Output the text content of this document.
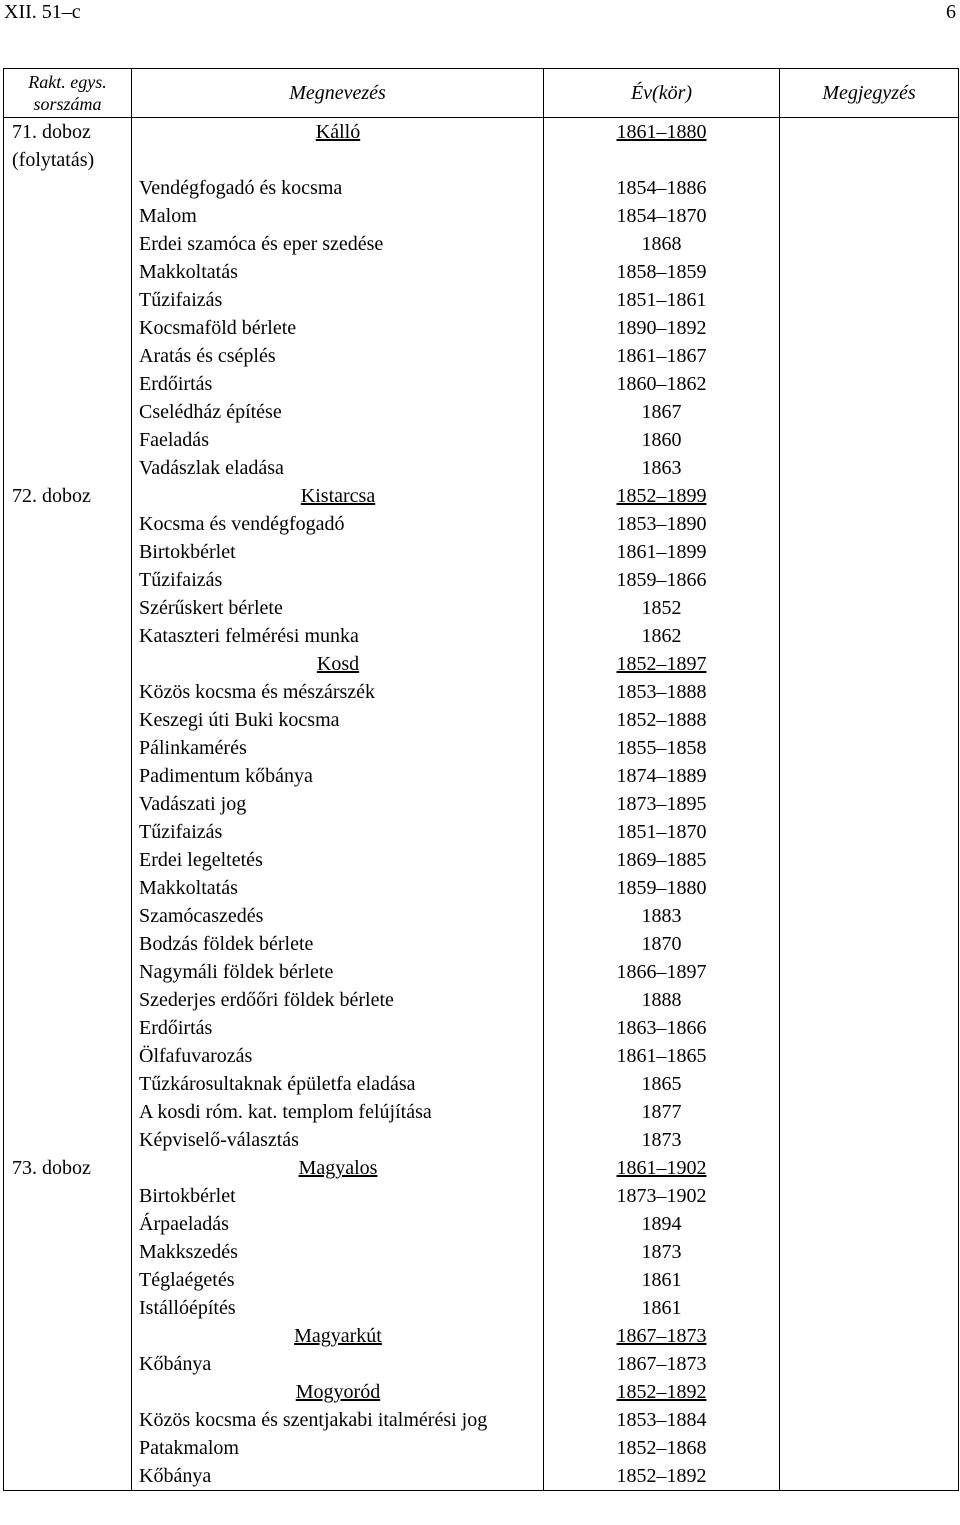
XII. 51–c	6
Rakt. egys. sorszáma	Megnevezés	Év(kör)	Megjegyzés
71. doboz (folytatás)	Kálló	1861–1880	
	Vendégfogadó és kocsma	1854–1886	
	Malom	1854–1870	
	Erdei szamóca és eper szedése	1868	
	Makkoltatás	1858–1859	
	Tűzifaizás	1851–1861	
	Kocsmaföld bérlete	1890–1892	
	Aratás és cséplés	1861–1867	
	Erdőirtás	1860–1862	
	Cselédház építése	1867	
	Faeladás	1860	
	Vadászlak eladása	1863	
72. doboz	Kistarcsa	1852–1899	
	Kocsma és vendégfogadó	1853–1890	
	Birtokbérlet	1861–1899	
	Tűzifaizás	1859–1866	
	Szérűskert bérlete	1852	
	Kataszteri felmérési munka	1862	
	Kosd	1852–1897	
	Közös kocsma és mészárszék	1853–1888	
	Keszegi úti Buki kocsma	1852–1888	
	Pálinkamérés	1855–1858	
	Padimentum kőbánya	1874–1889	
	Vadászati jog	1873–1895	
	Tűzifaizás	1851–1870	
	Erdei legeltetés	1869–1885	
	Makkoltatás	1859–1880	
	Szamócaszedés	1883	
	Bodzás földek bérlete	1870	
	Nagymáli földek bérlete	1866–1897	
	Szederjes erdőőri földek bérlete	1888	
	Erdőirtás	1863–1866	
	Ölfafuvarozás	1861–1865	
	Tűzkárosultaknak épületfa eladása	1865	
	A kosdi róm. kat. templom felújítása	1877	
	Képviselő-választás	1873	
73. doboz	Magyalos	1861–1902	
	Birtokbérlet	1873–1902	
	Árpaeladás	1894	
	Makkszedés	1873	
	Téglaégetés	1861	
	Istállóépítés	1861	
	Magyarkút	1867–1873	
	Kőbánya	1867–1873	
	Mogyoród	1852–1892	
	Közös kocsma és szentjakabi italmérési jog	1853–1884	
	Patakmalom	1852–1868	
	Kőbánya	1852–1892	
